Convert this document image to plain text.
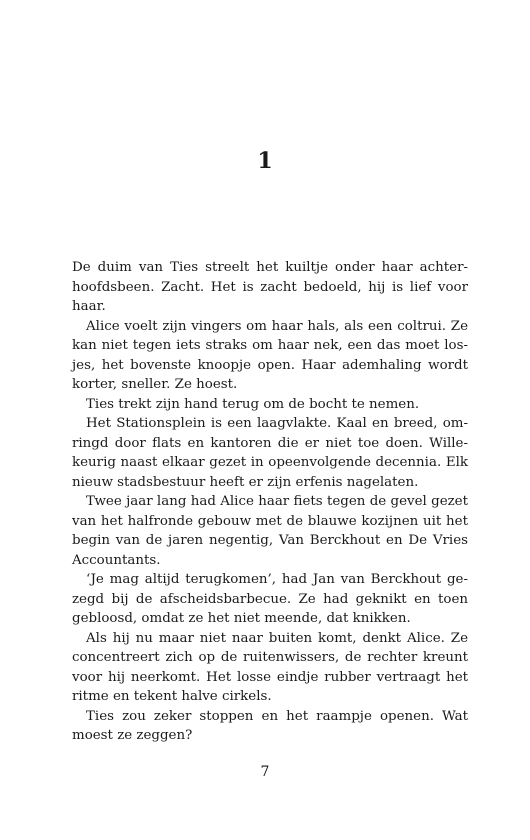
1

De duim van Ties streelt het kuiltje onder haar achterhoofdsbeen. Zacht. Het is zacht bedoeld, hij is lief voor haar.

Alice voelt zijn vingers om haar hals, als een coltrui. Ze kan niet tegen iets straks om haar nek, een das moet losjes, het bovenste knoopje open. Haar ademhaling wordt korter, sneller. Ze hoest.

Ties trekt zijn hand terug om de bocht te nemen.

Het Stationsplein is een laagvlakte. Kaal en breed, omringd door flats en kantoren die er niet toe doen. Willekeurig naast elkaar gezet in opeenvolgende decennia. Elk nieuw stadsbestuur heeft er zijn erfenis nagelaten.

Twee jaar lang had Alice haar fiets tegen de gevel gezet van het halfronde gebouw met de blauwe kozijnen uit het begin van de jaren negentig, Van Berckhout en De Vries Accountants.

‘Je mag altijd terugkomen’, had Jan van Berckhout gezegd bij de afscheidsbarbecue. Ze had geknikt en toen gebloosd, omdat ze het niet meende, dat knikken.

Als hij nu maar niet naar buiten komt, denkt Alice. Ze concentreert zich op de ruitenwissers, de rechter kreunt voor hij neerkomt. Het losse eindje rubber vertraagt het ritme en tekent halve cirkels.

Ties zou zeker stoppen en het raampje openen. Wat moest ze zeggen?

7
